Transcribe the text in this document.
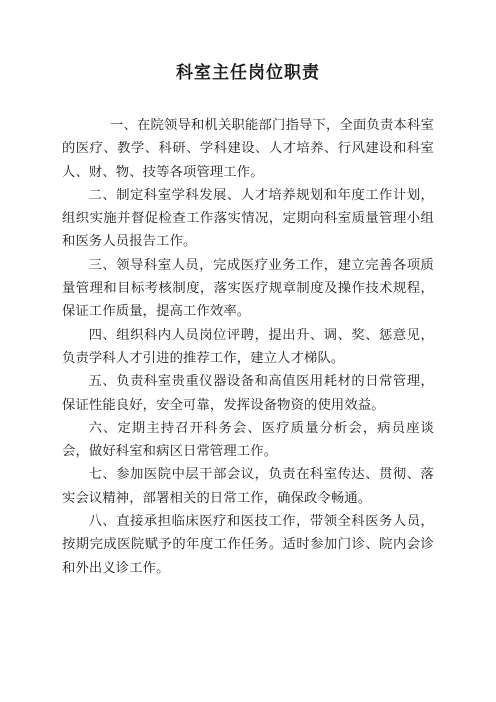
科室主任岗位职责

一、在院领导和机关职能部门指导下，全面负责本科室的医疗、教学、科研、学科建设、人才培养、行风建设和科室人、财、物、技等各项管理工作。

二、制定科室学科发展、人才培养规划和年度工作计划，组织实施并督促检查工作落实情况，定期向科室质量管理小组和医务人员报告工作。

三、领导科室人员，完成医疗业务工作，建立完善各项质量管理和目标考核制度，落实医疗规章制度及操作技术规程，保证工作质量，提高工作效率。

四、组织科内人员岗位评聘，提出升、调、奖、惩意见，负责学科人才引进的推荐工作，建立人才梯队。

五、负责科室贵重仪器设备和高值医用耗材的日常管理，保证性能良好，安全可靠，发挥设备物资的使用效益。

六、定期主持召开科务会、医疗质量分析会，病员座谈会，做好科室和病区日常管理工作。

七、参加医院中层干部会议，负责在科室传达、贯彻、落实会议精神，部署相关的日常工作，确保政令畅通。

八、直接承担临床医疗和医技工作，带领全科医务人员，按期完成医院赋予的年度工作任务。适时参加门诊、院内会诊和外出义诊工作。
